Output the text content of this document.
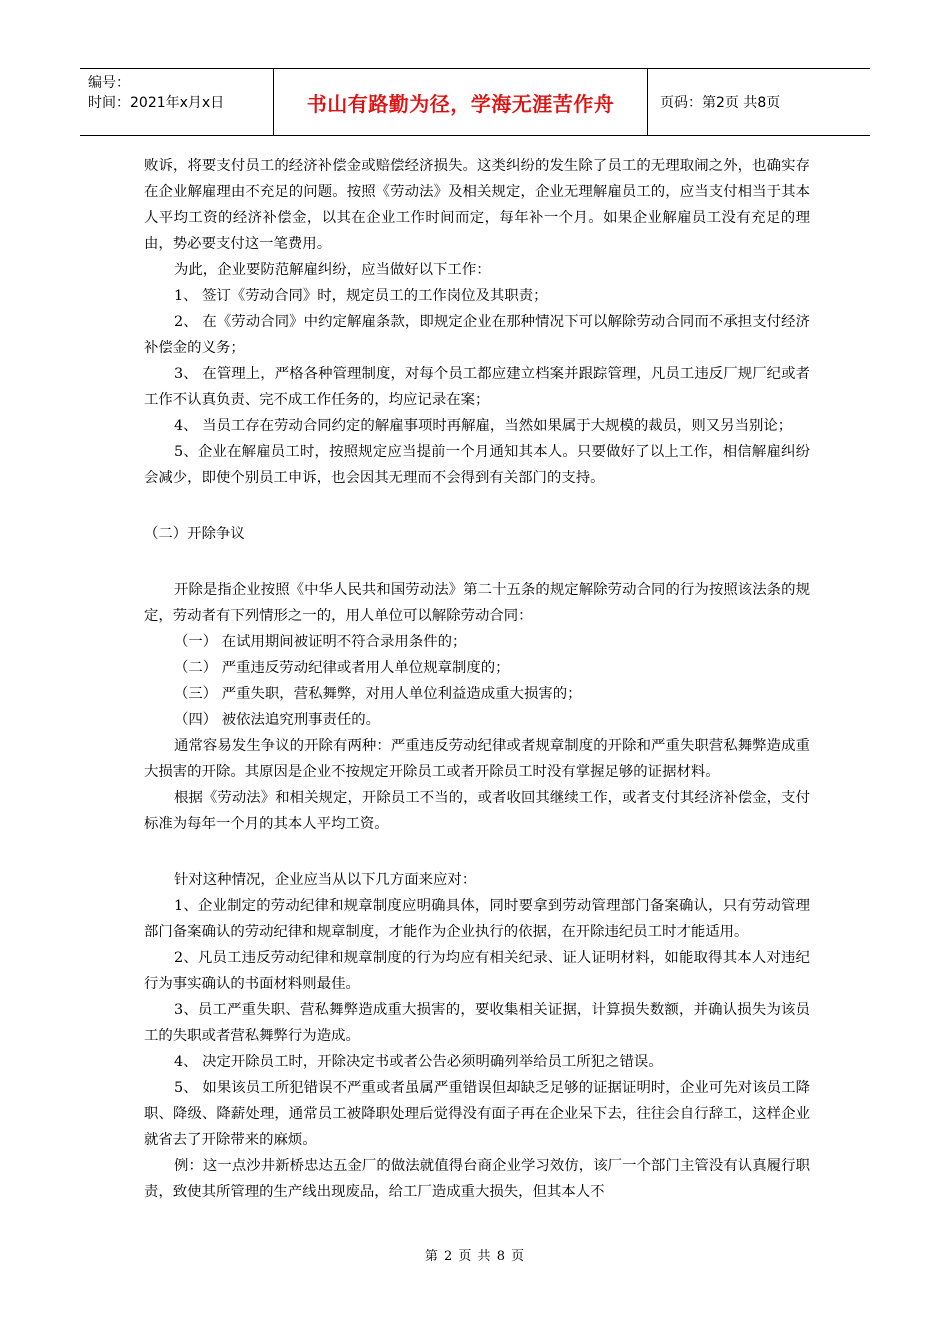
编号：
时间：2021年x月x日	书山有路勤为径，学海无涯苦作舟	页码：第2页 共8页

败诉，将要支付员工的经济补偿金或赔偿经济损失。这类纠纷的发生除了员工的无理取闹之外，也确实存在企业解雇理由不充足的问题。按照《劳动法》及相关规定，企业无理解雇员工的，应当支付相当于其本人平均工资的经济补偿金，以其在企业工作时间而定，每年补一个月。如果企业解雇员工没有充足的理由，势必要支付这一笔费用。

为此，企业要防范解雇纠纷，应当做好以下工作：

1、 签订《劳动合同》时，规定员工的工作岗位及其职责；

2、 在《劳动合同》中约定解雇条款，即规定企业在那种情况下可以解除劳动合同而不承担支付经济补偿金的义务；

3、 在管理上，严格各种管理制度，对每个员工都应建立档案并跟踪管理，凡员工违反厂规厂纪或者工作不认真负责、完不成工作任务的，均应记录在案；

4、 当员工存在劳动合同约定的解雇事项时再解雇，当然如果属于大规模的裁员，则又另当别论；

5、企业在解雇员工时，按照规定应当提前一个月通知其本人。只要做好了以上工作，相信解雇纠纷会减少，即使个别员工申诉，也会因其无理而不会得到有关部门的支持。

（二）开除争议

开除是指企业按照《中华人民共和国劳动法》第二十五条的规定解除劳动合同的行为按照该法条的规定，劳动者有下列情形之一的，用人单位可以解除劳动合同：

（一） 在试用期间被证明不符合录用条件的；

（二） 严重违反劳动纪律或者用人单位规章制度的；

（三） 严重失职，营私舞弊，对用人单位利益造成重大损害的；

（四） 被依法追究刑事责任的。

通常容易发生争议的开除有两种：严重违反劳动纪律或者规章制度的开除和严重失职营私舞弊造成重大损害的开除。其原因是企业不按规定开除员工或者开除员工时没有掌握足够的证据材料。

根据《劳动法》和相关规定，开除员工不当的，或者收回其继续工作，或者支付其经济补偿金，支付标准为每年一个月的其本人平均工资。

针对这种情况，企业应当从以下几方面来应对：

1、企业制定的劳动纪律和规章制度应明确具体，同时要拿到劳动管理部门备案确认，只有劳动管理部门备案确认的劳动纪律和规章制度，才能作为企业执行的依据，在开除违纪员工时才能适用。

2、凡员工违反劳动纪律和规章制度的行为均应有相关纪录、证人证明材料，如能取得其本人对违纪行为事实确认的书面材料则最佳。

3、员工严重失职、营私舞弊造成重大损害的，要收集相关证据，计算损失数额，并确认损失为该员工的失职或者营私舞弊行为造成。

4、 决定开除员工时，开除决定书或者公告必须明确列举给员工所犯之错误。

5、 如果该员工所犯错误不严重或者虽属严重错误但却缺乏足够的证据证明时，企业可先对该员工降职、降级、降薪处理，通常员工被降职处理后觉得没有面子再在企业呆下去，往往会自行辞工，这样企业就省去了开除带来的麻烦。

例：这一点沙井新桥忠达五金厂的做法就值得台商企业学习效仿，该厂一个部门主管没有认真履行职责，致使其所管理的生产线出现废品，给工厂造成重大损失，但其本人不

第 2 页 共 8 页
